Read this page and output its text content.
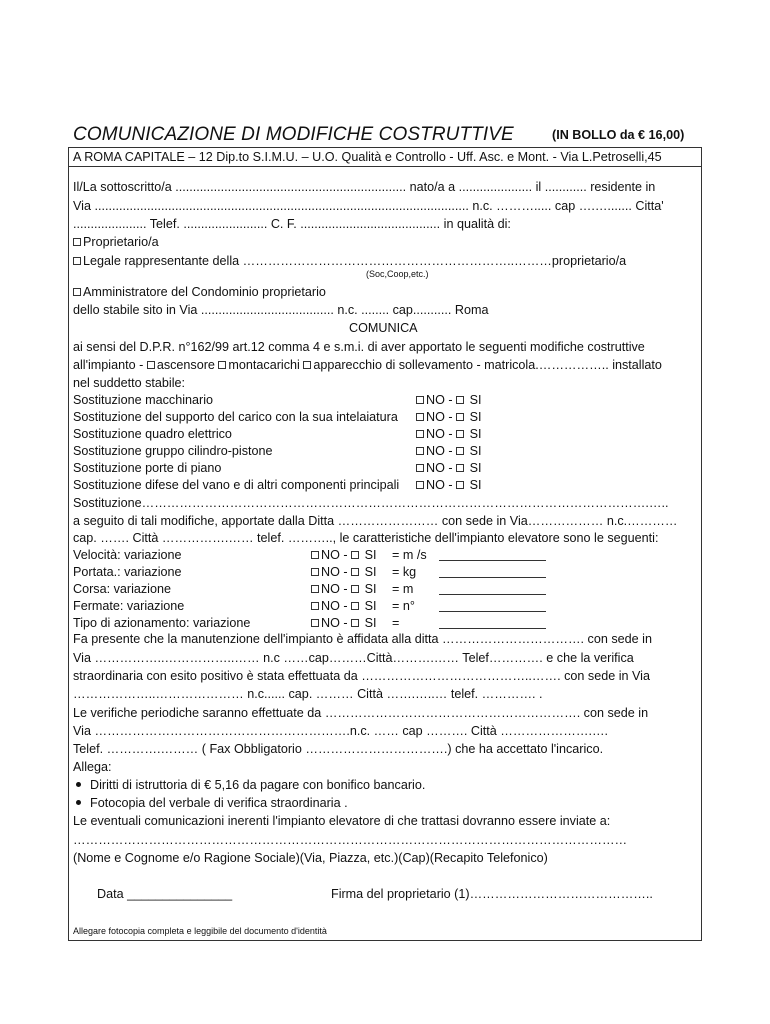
COMUNICAZIONE DI MODIFICHE COSTRUTTIVE	(IN BOLLO da € 16,00)
A ROMA CAPITALE – 12 Dip.to S.I.M.U. – U.O. Qualità e Controllo - Uff. Asc. e Mont. - Via L.Petroselli,45
Il/La sottoscritto/a .................................................................. nato/a a ..................... il ............ residente in
Via ........................................................................................................... n.c. ………..... cap ….…....... Citta'
..................... Telef. ........................ C. F. ........................................ in qualità di:
Proprietario/a
Legale rappresentante della ………………………………………………………..………proprietario/a
(Soc,Coop,etc.)
Amministratore del Condominio proprietario
dello stabile sito in Via ...................................... n.c. ........ cap........... Roma
COMUNICA
ai sensi del D.P.R. n°162/99 art.12 comma 4 e s.m.i. di aver apportato le seguenti modifiche costruttive
all'impianto - ascensore montacarichi apparecchio di sollevamento - matricola.…………….. installato
nel suddetto stabile:
Sostituzione macchinario	NO - SI
Sostituzione del supporto del carico con la sua intelaiatura	NO - SI
Sostituzione quadro elettrico	NO - SI
Sostituzione gruppo cilindro-pistone	NO - SI
Sostituzione porte di piano	NO - SI
Sostituzione difese del vano e di altri componenti principali	NO - SI
Sostituzione………………………………………………………………………………………………………….…..
a seguito di tali modifiche, apportate dalla Ditta …………………… con sede in Via……………… n.c.…………
cap. ……. Città …………….…… telef. ……….., le caratteristiche dell'impianto elevatore sono le seguenti:
Velocità: variazione	NO - SI = m /s
Portata.: variazione	NO - SI = kg
Corsa: variazione	NO - SI = m
Fermate: variazione	NO - SI = n°
Tipo di azionamento: variazione	NO - SI =
Fa presente che la manutenzione dell'impianto è affidata alla ditta ……………………………. con sede in
Via ……………..……………..…… n.c ……cap………Città……….…… Telef…………. e che la verifica
straordinaria con esito positivo è stata effettuata da …………………………………..……. con sede in Via
………………..………………… n.c...... cap. ……… Città …….…..… telef. …………. .
Le verifiche periodiche saranno effettuate da ……………………………………………………. con sede in
Via …………………………………………………….n.c. …… cap ………. Città ………………….….
Telef. ………….……… ( Fax Obbligatorio …………………………….) che ha accettato l'incarico.
Allega:
Diritti di istruttoria di € 5,16 da pagare con bonifico bancario.
Fotocopia del verbale di verifica straordinaria .
Le eventuali comunicazioni inerenti l'impianto elevatore di che trattasi dovranno essere inviate a:
……………………………………………………………………………………………………………………
(Nome e Cognome e/o Ragione Sociale)(Via, Piazza, etc.)(Cap)(Recapito Telefonico)
Data _______________	Firma del proprietario (1)……………………………………..
Allegare fotocopia completa e leggibile del documento d'identità
